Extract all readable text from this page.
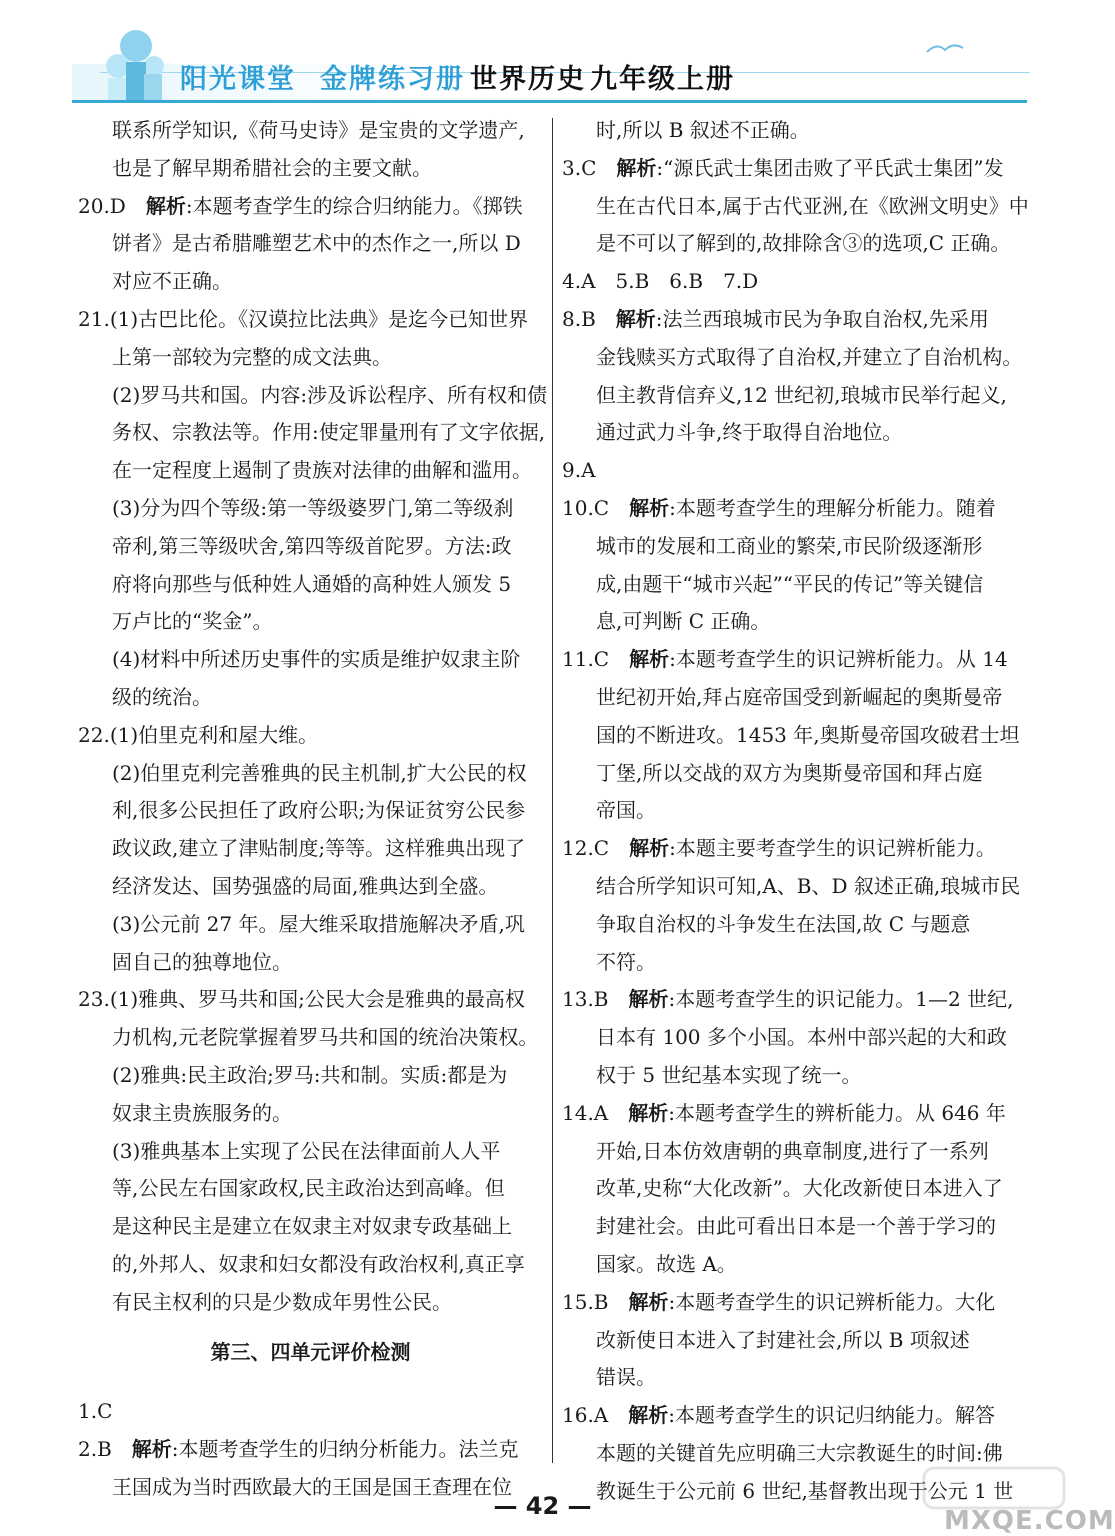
阳光课堂 金牌练习册 世界历史 九年级上册
联系所学知识,《荷马史诗》是宝贵的文学遗产,
也是了解早期希腊社会的主要文献。
20.D　解析:本题考查学生的综合归纳能力。《掷铁
饼者》是古希腊雕塑艺术中的杰作之一,所以 D
对应不正确。
21.(1)古巴比伦。《汉谟拉比法典》是迄今已知世界
上第一部较为完整的成文法典。
(2)罗马共和国。内容:涉及诉讼程序、所有权和债
务权、宗教法等。作用:使定罪量刑有了文字依据,
在一定程度上遏制了贵族对法律的曲解和滥用。
(3)分为四个等级:第一等级婆罗门,第二等级刹
帝利,第三等级吠舍,第四等级首陀罗。方法:政
府将向那些与低种姓人通婚的高种姓人颁发 5
万卢比的“奖金”。
(4)材料中所述历史事件的实质是维护奴隶主阶
级的统治。
22.(1)伯里克利和屋大维。
(2)伯里克利完善雅典的民主机制,扩大公民的权
利,很多公民担任了政府公职;为保证贫穷公民参
政议政,建立了津贴制度;等等。这样雅典出现了
经济发达、国势强盛的局面,雅典达到全盛。
(3)公元前 27 年。屋大维采取措施解决矛盾,巩
固自己的独尊地位。
23.(1)雅典、罗马共和国;公民大会是雅典的最高权
力机构,元老院掌握着罗马共和国的统治决策权。
(2)雅典:民主政治;罗马:共和制。实质:都是为
奴隶主贵族服务的。
(3)雅典基本上实现了公民在法律面前人人平
等,公民左右国家政权,民主政治达到高峰。但
是这种民主是建立在奴隶主对奴隶专政基础上
的,外邦人、奴隶和妇女都没有政治权利,真正享
有民主权利的只是少数成年男性公民。
第三、四单元评价检测
1.C
2.B　解析:本题考查学生的归纳分析能力。法兰克
王国成为当时西欧最大的王国是国王查理在位
时,所以 B 叙述不正确。
3.C　解析:“源氏武士集团击败了平氏武士集团”发
生在古代日本,属于古代亚洲,在《欧洲文明史》中
是不可以了解到的,故排除含③的选项,C 正确。
4.A　5.B　6.B　7.D
8.B　解析:法兰西琅城市民为争取自治权,先采用
金钱赎买方式取得了自治权,并建立了自治机构。
但主教背信弃义,12 世纪初,琅城市民举行起义,
通过武力斗争,终于取得自治地位。
9.A
10.C　解析:本题考查学生的理解分析能力。随着
城市的发展和工商业的繁荣,市民阶级逐渐形
成,由题干“城市兴起”“平民的传记”等关键信
息,可判断 C 正确。
11.C　解析:本题考查学生的识记辨析能力。从 14
世纪初开始,拜占庭帝国受到新崛起的奥斯曼帝
国的不断进攻。1453 年,奥斯曼帝国攻破君士坦
丁堡,所以交战的双方为奥斯曼帝国和拜占庭
帝国。
12.C　解析:本题主要考查学生的识记辨析能力。
结合所学知识可知,A、B、D 叙述正确,琅城市民
争取自治权的斗争发生在法国,故 C 与题意
不符。
13.B　解析:本题考查学生的识记能力。1—2 世纪,
日本有 100 多个小国。本州中部兴起的大和政
权于 5 世纪基本实现了统一。
14.A　解析:本题考查学生的辨析能力。从 646 年
开始,日本仿效唐朝的典章制度,进行了一系列
改革,史称“大化改新”。大化改新使日本进入了
封建社会。由此可看出日本是一个善于学习的
国家。故选 A。
15.B　解析:本题考查学生的识记辨析能力。大化
改新使日本进入了封建社会,所以 B 项叙述
错误。
16.A　解析:本题考查学生的识记归纳能力。解答
本题的关键首先应明确三大宗教诞生的时间:佛
教诞生于公元前 6 世纪,基督教出现于公元 1 世
— 42 —	MXQE.COM
